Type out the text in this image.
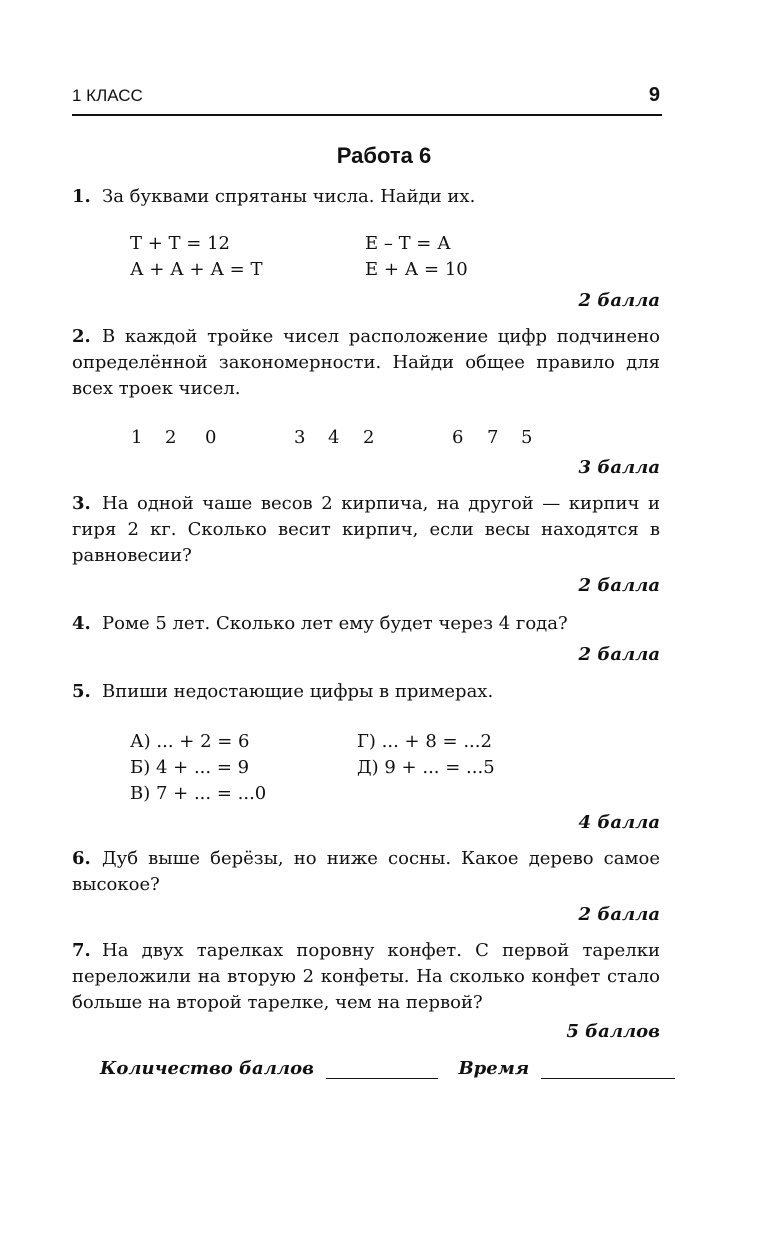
1 КЛАСС	9
Работа 6
1. За буквами спрятаны числа. Найди их.
Т + Т = 12	Е – Т = А
А + А + А = Т	Е + А = 10
2 балла
2. В каждой тройке чисел расположение цифр подчинено определённой закономерности. Найди общее правило для всех троек чисел.
1 2 0	3 4 2	6 7 5
3 балла
3. На одной чаше весов 2 кирпича, на другой — кирпич и гиря 2 кг. Сколько весит кирпич, если весы находятся в равновесии?
2 балла
4. Роме 5 лет. Сколько лет ему будет через 4 года?
2 балла
5. Впиши недостающие цифры в примерах.
А) ... + 2 = 6	Г) ... + 8 = ...2
Б) 4 + ... = 9	Д) 9 + ... = ...5
В) 7 + ... = ...0
4 балла
6. Дуб выше берёзы, но ниже сосны. Какое дерево самое высокое?
2 балла
7. На двух тарелках поровну конфет. С первой тарелки переложили на вторую 2 конфеты. На сколько конфет стало больше на второй тарелке, чем на первой?
5 баллов
Количество баллов	Время
